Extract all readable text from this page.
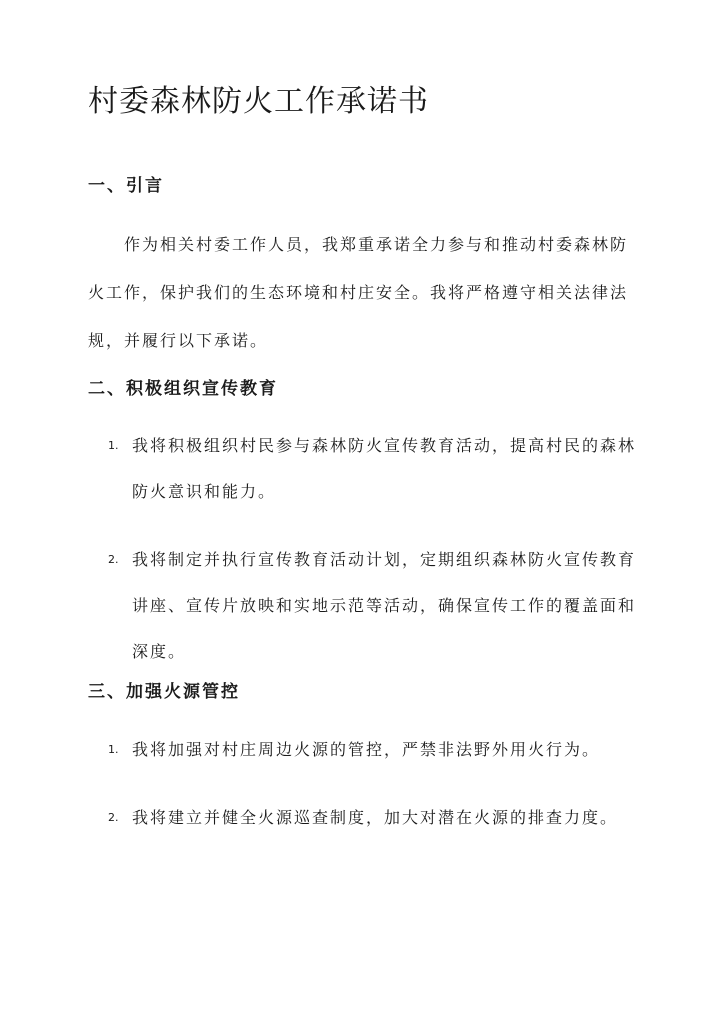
村委森林防火工作承诺书
一、引言

作为相关村委工作人员，我郑重承诺全力参与和推动村委森林防火工作，保护我们的生态环境和村庄安全。我将严格遵守相关法律法规，并履行以下承诺。

二、积极组织宣传教育
1. 我将积极组织村民参与森林防火宣传教育活动，提高村民的森林防火意识和能力。
2. 我将制定并执行宣传教育活动计划，定期组织森林防火宣传教育讲座、宣传片放映和实地示范等活动，确保宣传工作的覆盖面和深度。
三、加强火源管控
1. 我将加强对村庄周边火源的管控，严禁非法野外用火行为。
2. 我将建立并健全火源巡查制度，加大对潜在火源的排查力度。
